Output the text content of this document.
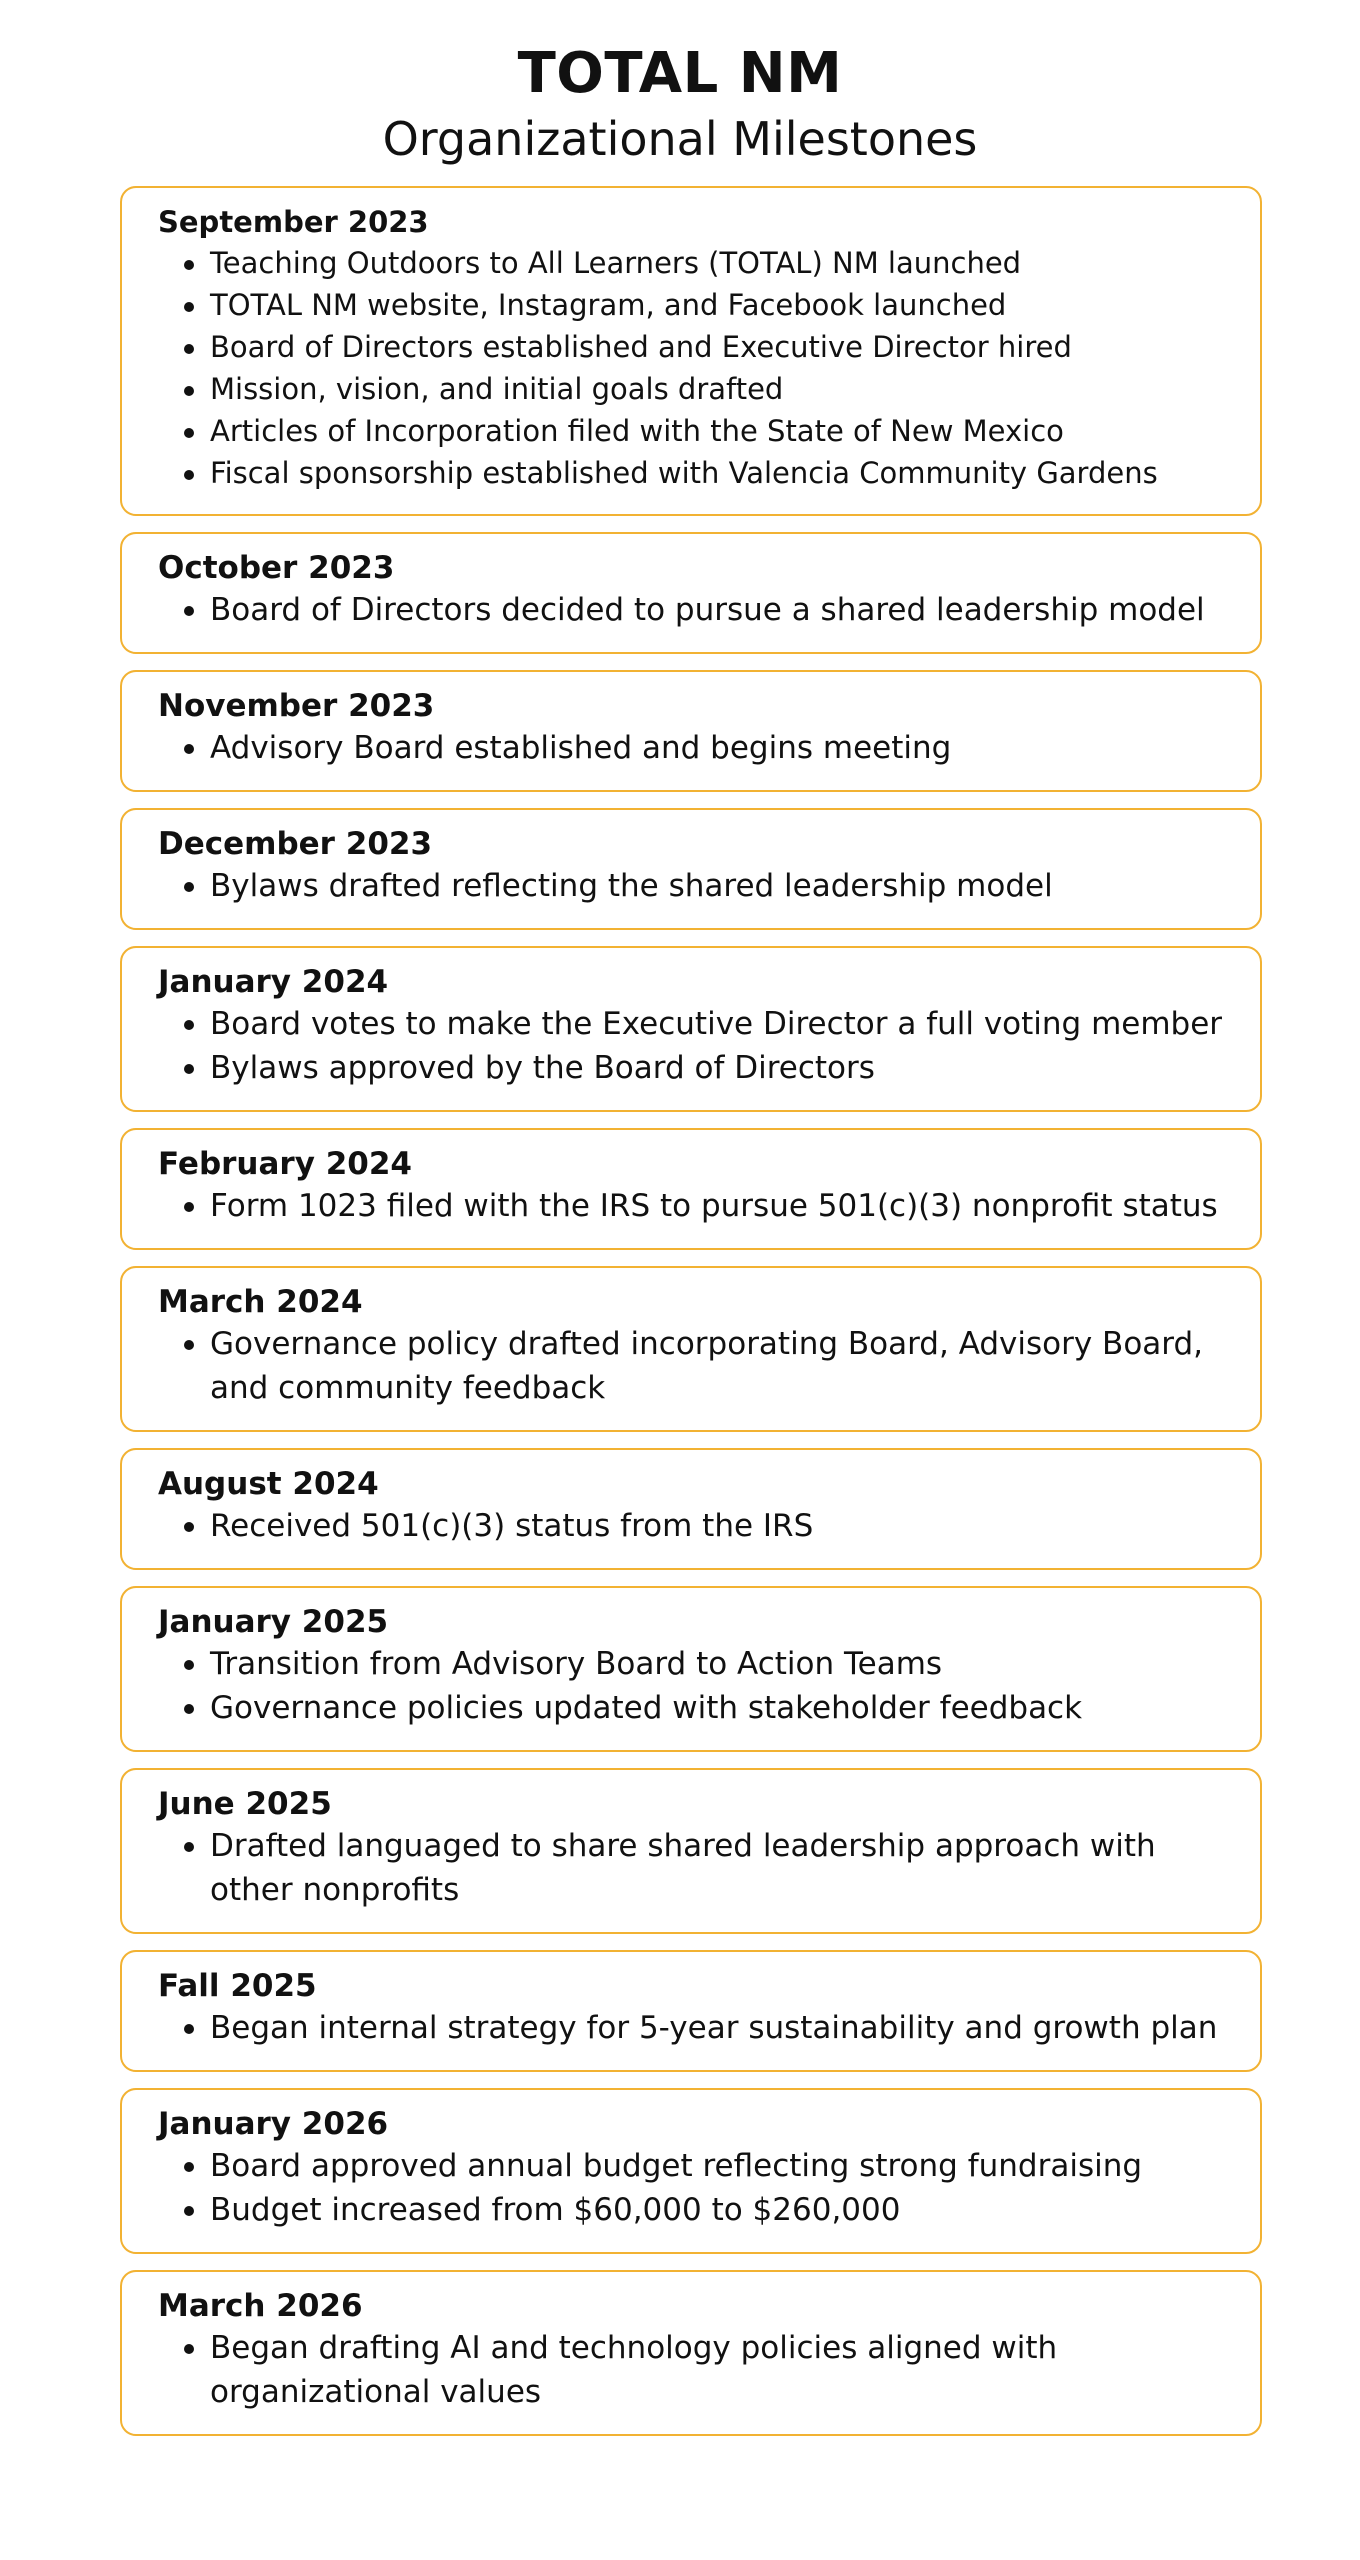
TOTAL NM
Organizational Milestones

September 2023

Teaching Outdoors to All Learners (TOTAL) NM launched
TOTAL NM website, Instagram, and Facebook launched
Board of Directors established and Executive Director hired
Mission, vision, and initial goals drafted
Articles of Incorporation filed with the State of New Mexico
Fiscal sponsorship established with Valencia Community Gardens

October 2023

Board of Directors decided to pursue a shared leadership model

November 2023

Advisory Board established and begins meeting

December 2023

Bylaws drafted reflecting the shared leadership model

January 2024

Board votes to make the Executive Director a full voting member
Bylaws approved by the Board of Directors

February 2024

Form 1023 filed with the IRS to pursue 501(c)(3) nonprofit status

March 2024

Governance policy drafted incorporating Board, Advisory Board, and community feedback

August 2024

Received 501(c)(3) status from the IRS

January 2025

Transition from Advisory Board to Action Teams
Governance policies updated with stakeholder feedback

June 2025

Drafted languaged to share shared leadership approach with other nonprofits

Fall 2025

Began internal strategy for 5-year sustainability and growth plan

January 2026

Board approved annual budget reflecting strong fundraising
Budget increased from $60,000 to $260,000

March 2026

Began drafting AI and technology policies aligned with organizational values
